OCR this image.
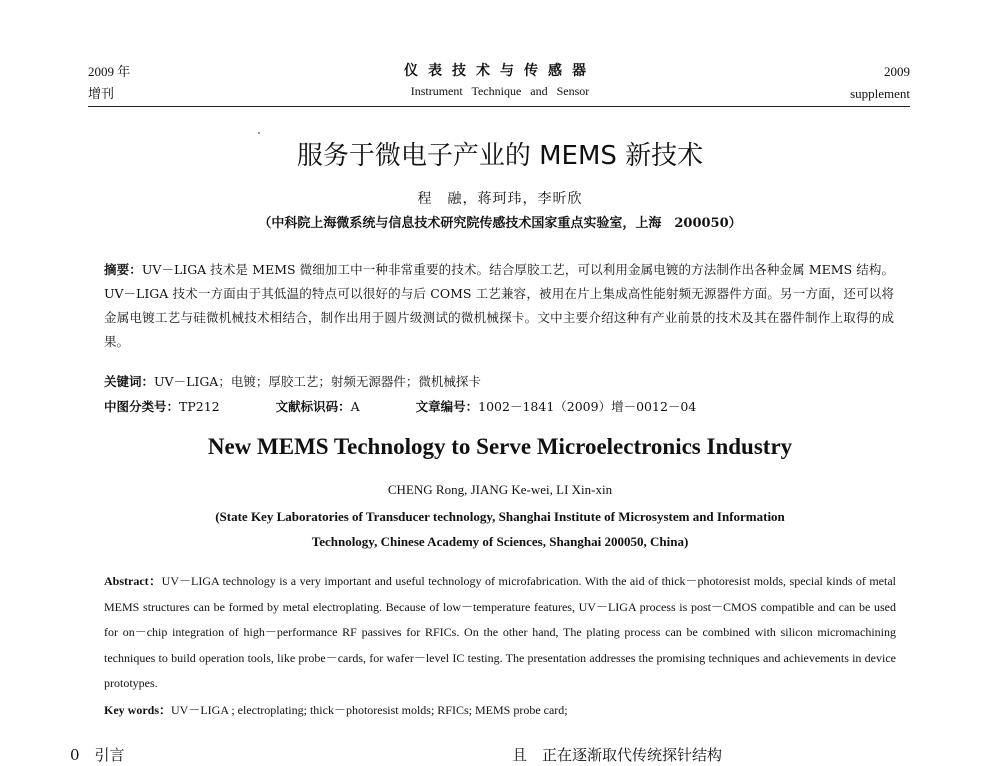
2009 年
增刊
仪表技术与传感器
Instrument Technique and Sensor
2009
supplement
服务于微电子产业的 MEMS 新技术
程　融，蒋珂玮，李昕欣
（中科院上海微系统与信息技术研究院传感技术国家重点实验室，上海　200050）
摘要：UV－LIGA 技术是 MEMS 微细加工中一种非常重要的技术。结合厚胶工艺，可以利用金属电镀的方法制作出各种金属 MEMS 结构。UV－LIGA 技术一方面由于其低温的特点可以很好的与后 COMS 工艺兼容，被用在片上集成高性能射频无源器件方面。另一方面，还可以将金属电镀工艺与硅微机械技术相结合，制作出用于圆片级测试的微机械探卡。文中主要介绍这种有产业前景的技术及其在器件制作上取得的成果。
关键词：UV－LIGA；电镀；厚胶工艺；射频无源器件；微机械探卡
中图分类号：TP212	文献标识码：A	文章编号：1002－1841（2009）增－0012－04
New MEMS Technology to Serve Microelectronics Industry
CHENG Rong, JIANG Ke-wei, LI Xin-xin
(State Key Laboratories of Transducer technology, Shanghai Institute of Microsystem and Information
Technology, Chinese Academy of Sciences, Shanghai 200050, China)
Abstract：UV－LIGA technology is a very important and useful technology of microfabrication. With the aid of thick－photoresist molds, special kinds of metal MEMS structures can be formed by metal electroplating. Because of low－temperature features, UV－LIGA process is post－CMOS compatible and can be used for on－chip integration of high－performance RF passives for RFICs. On the other hand, The plating process can be combined with silicon micromachining techniques to build operation tools, like probe－cards, for wafer－level IC testing. The presentation addresses the promising techniques and achievements in device prototypes.
Key words：UV－LIGA ; electroplating; thick－photoresist molds; RFICs; MEMS probe card;
0　引言	且　正在逐渐取代传统探针结构
